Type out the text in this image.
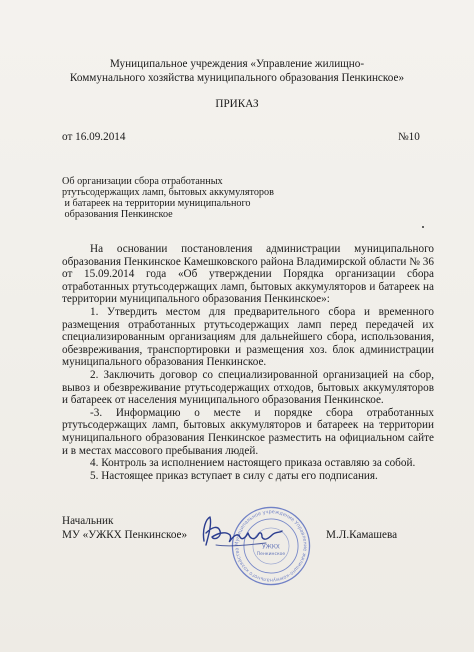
Муниципальное учреждения «Управление жилищно-
Коммунального хозяйства муниципального образования Пенкинское»
ПРИКАЗ
от 16.09.2014	№10
Об организации сбора отработанных
ртутьсодержащих ламп, бытовых аккумуляторов
и батареек на территории муниципального
образования Пенкинское

На основании постановления администрации муниципального образования Пенкинское Камешковского района Владимирской области № 36 от 15.09.2014 года «Об утверждении Порядка организации сбора отработанных ртутьсодержащих ламп, бытовых аккумуляторов и батареек на территории муниципального образования Пенкинское»:

1. Утвердить местом для предварительного сбора и временного размещения отработанных ртутьсодержащих ламп перед передачей их специализированным организациям для дальнейшего сбора, использования, обезвреживания, транспортировки и размещения хоз. блок администрации муниципального образования Пенкинское.

2. Заключить договор со специализированной организацией на сбор, вывоз и обезвреживание ртутьсодержащих отходов, бытовых аккумуляторов и батареек от населения муниципального образования Пенкинское.

-3. Информацию о месте и порядке сбора отработанных ртутьсодержащих ламп, бытовых аккумуляторов и батареек на территории муниципального образования Пенкинское разместить на официальном сайте и в местах массового пребывания людей.

4. Контроль за исполнением настоящего приказа оставляю за собой.

5. Настоящее приказ вступает в силу с даты его подписания.

Начальник
МУ «УЖКХ Пенкинское»	М.Л.Камашева
Муниципальное учреждение Управление жилищно-коммунального хозяйства	УЖКХ
Пенкинское
